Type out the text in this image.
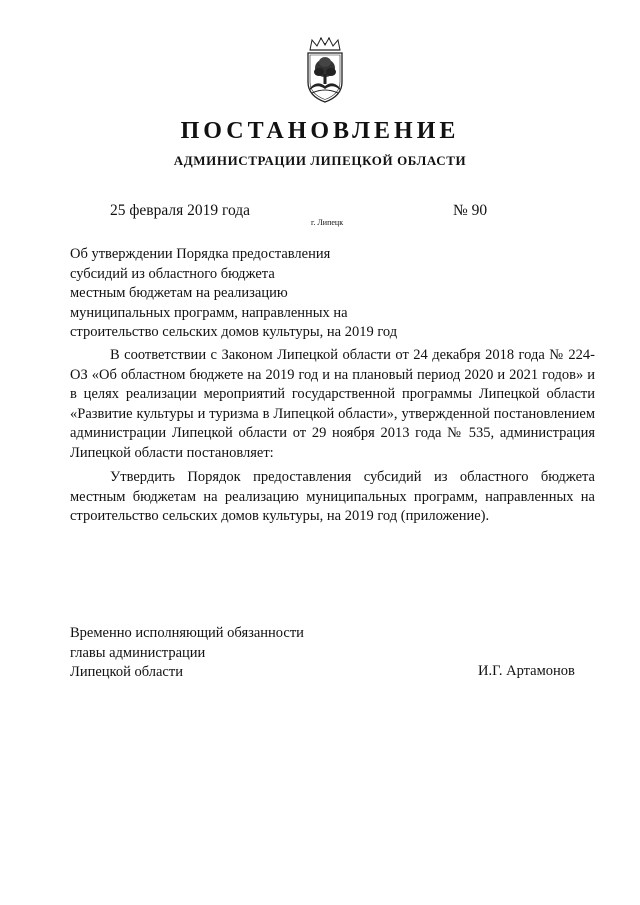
ПОСТАНОВЛЕНИЕ
АДМИНИСТРАЦИИ ЛИПЕЦКОЙ ОБЛАСТИ
25 февраля 2019 года
г. Липецк
№ 90
Об утверждении Порядка предоставления
субсидий из областного бюджета
местным бюджетам на реализацию
муниципальных программ, направленных на
строительство сельских домов культуры, на 2019 год

В соответствии с Законом Липецкой области от 24 декабря 2018 года № 224-ОЗ «Об областном бюджете на 2019 год и на плановый период 2020 и 2021 годов» и в целях реализации мероприятий государственной программы Липецкой области «Развитие культуры и туризма в Липецкой области», утвержденной постановлением администрации Липецкой области от 29 ноября 2013 года № 535, администрация Липецкой области постановляет:

Утвердить Порядок предоставления субсидий из областного бюджета местным бюджетам на реализацию муниципальных программ, направленных на строительство сельских домов культуры, на 2019 год (приложение).

Временно исполняющий обязанности
главы администрации
Липецкой области	И.Г. Артамонов
